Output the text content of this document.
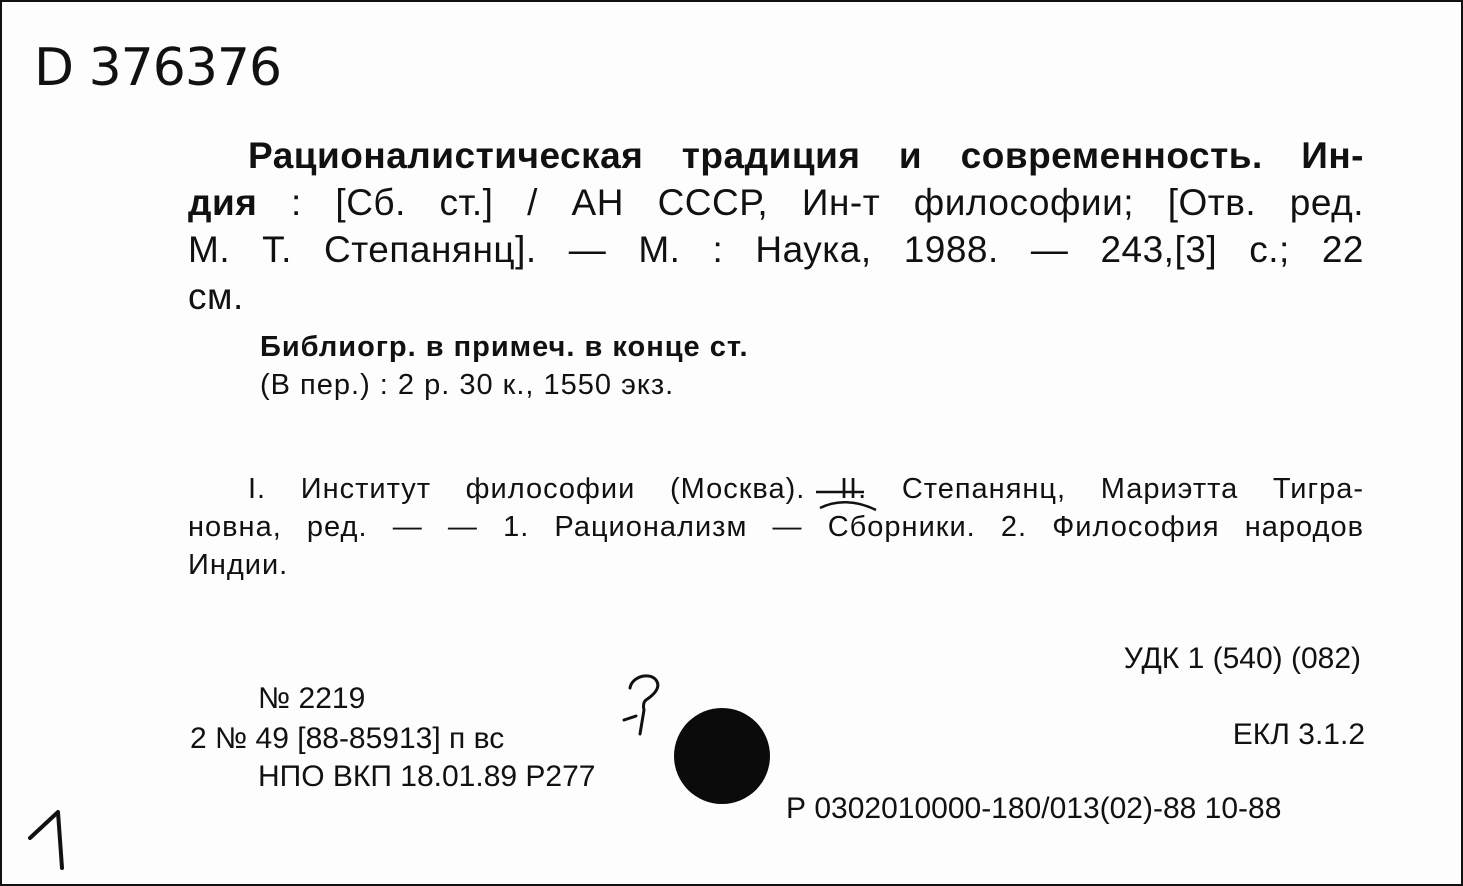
D 376376
Рационалистическая традиция и современность. Ин-
дия : [Сб. ст.] / АН СССР, Ин-т философии; [Отв. ред.
М. Т. Степанянц]. — М. : Наука, 1988. — 243,[3] с.; 22
см.
Библиогр. в примеч. в конце ст.
(В пер.) : 2 р. 30 к., 1550 экз.
I. Институт философии (Москва). II. Степанянц, Мариэтта Тигра-
новна, ред. — — 1. Рационализм — Сборники. 2. Философия народов
Индии.
УДК 1 (540) (082)
ЕКЛ 3.1.2
№ 2219
2 № 49 [88-85913] п вс
НПО ВКП 18.01.89 Р277
Р 0302010000-180/013(02)-88 10-88
